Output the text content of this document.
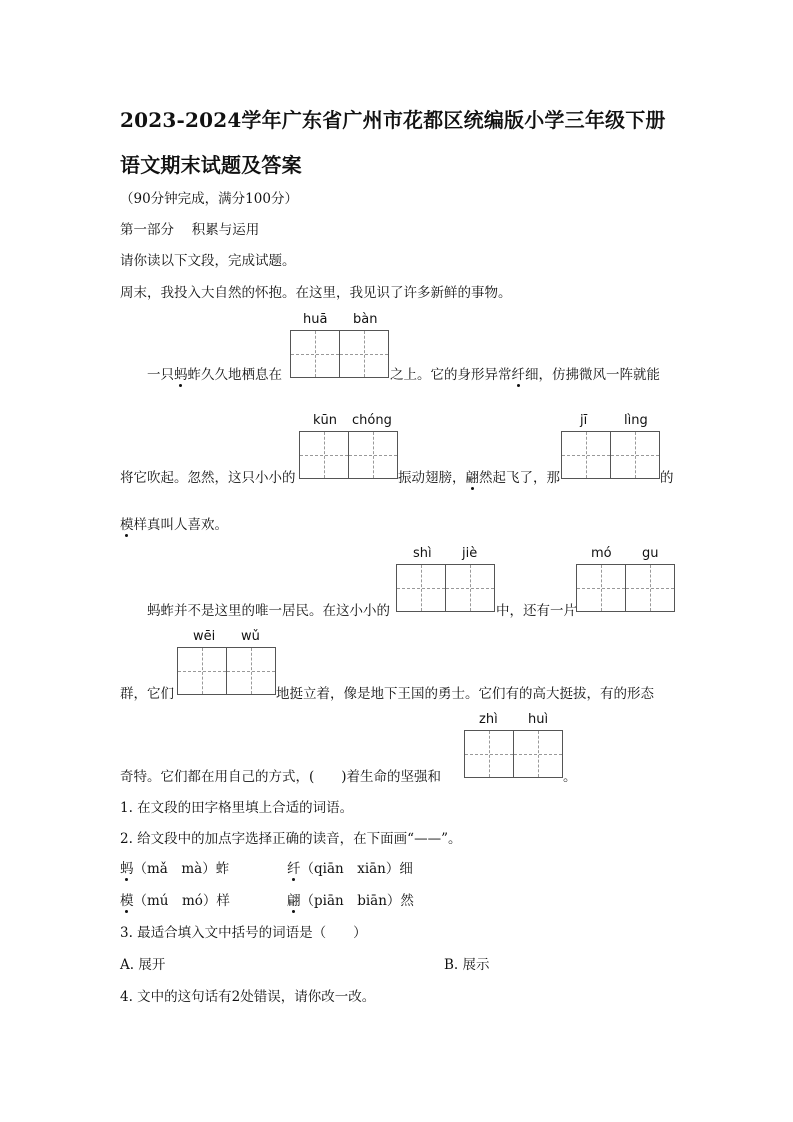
2023-2024学年广东省广州市花都区统编版小学三年级下册
语文期末试题及答案
（90分钟完成，满分100分）
第一部分　 积累与运用
请你读以下文段，完成试题。
周末，我投入大自然的怀抱。在这里，我见识了许多新鲜的事物。
huā bàn
　　一只蚂蚱久久地栖息在	之上。它的身形异常纤细，仿拂微风一阵就能
kūn chóng	jī	lìng
将它吹起。忽然，这只小小的	振动翅膀，翩然起飞了，那	的
模样真叫人喜欢。
shì jiè	mó gu
　　蚂蚱并不是这里的唯一居民。在这小小的	中，还有一片
wēi wǔ
群，它们	地挺立着，像是地下王国的勇士。它们有的高大挺拔，有的形态
zhì huì
奇特。它们都在用自己的方式，(　　)着生命的坚强和	。
1. 在文段的田字格里填上合适的词语。
2. 给文段中的加点字选择正确的读音，在下面画“——”。
蚂（mǎ　mà）蚱	纤（qiān　xiān）细
模（mú　mó）样	翩（piān　biān）然
3. 最适合填入文中括号的词语是（　　）
A. 展开	B. 展示
4. 文中的这句话有2处错误，请你改一改。
